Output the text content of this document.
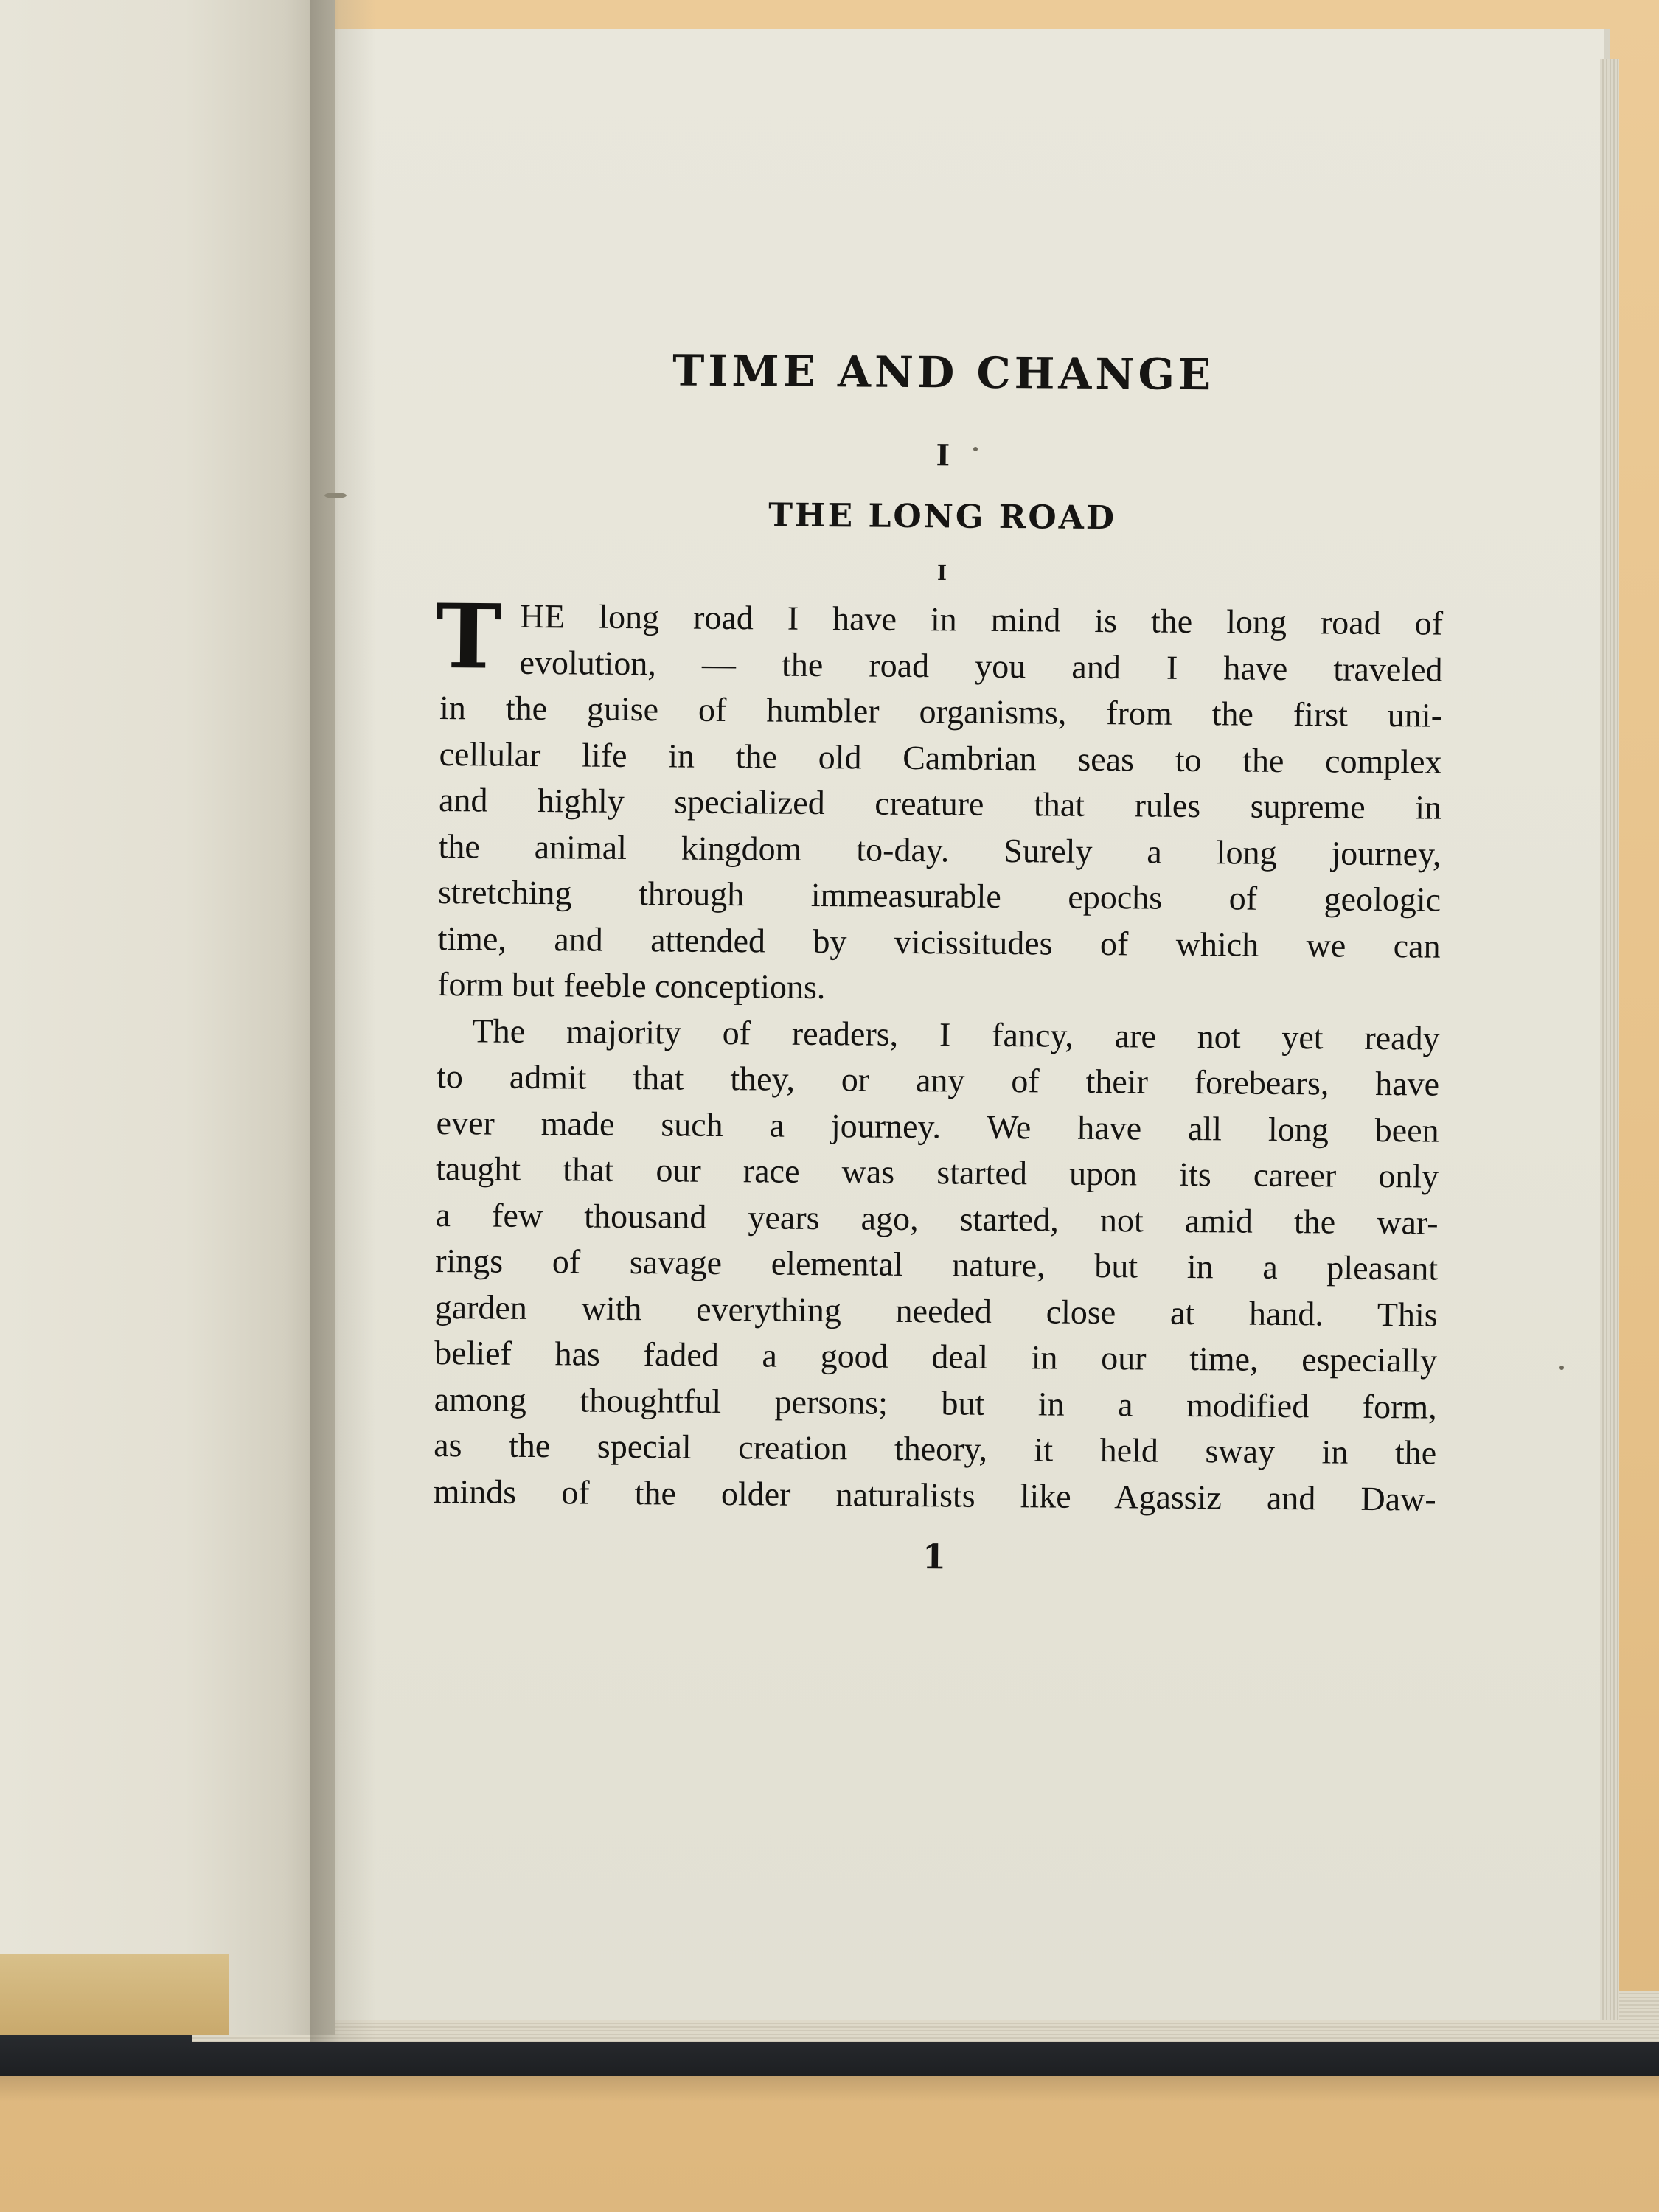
TIME AND CHANGE
I
THE LONG ROAD
I
T HE long road I have in mind is the long road of
evolution, — the road you and I have traveled
in the guise of humbler organisms, from the first uni-
cellular life in the old Cambrian seas to the complex
and highly specialized creature that rules supreme in
the animal kingdom to-day. Surely a long journey,
stretching through immeasurable epochs of geologic
time, and attended by vicissitudes of which we can
form but feeble conceptions.
The majority of readers, I fancy, are not yet ready
to admit that they, or any of their forebears, have
ever made such a journey. We have all long been
taught that our race was started upon its career only
a few thousand years ago, started, not amid the war-
rings of savage elemental nature, but in a pleasant
garden with everything needed close at hand. This
belief has faded a good deal in our time, especially
among thoughtful persons; but in a modified form,
as the special creation theory, it held sway in the
minds of the older naturalists like Agassiz and Daw-
1
